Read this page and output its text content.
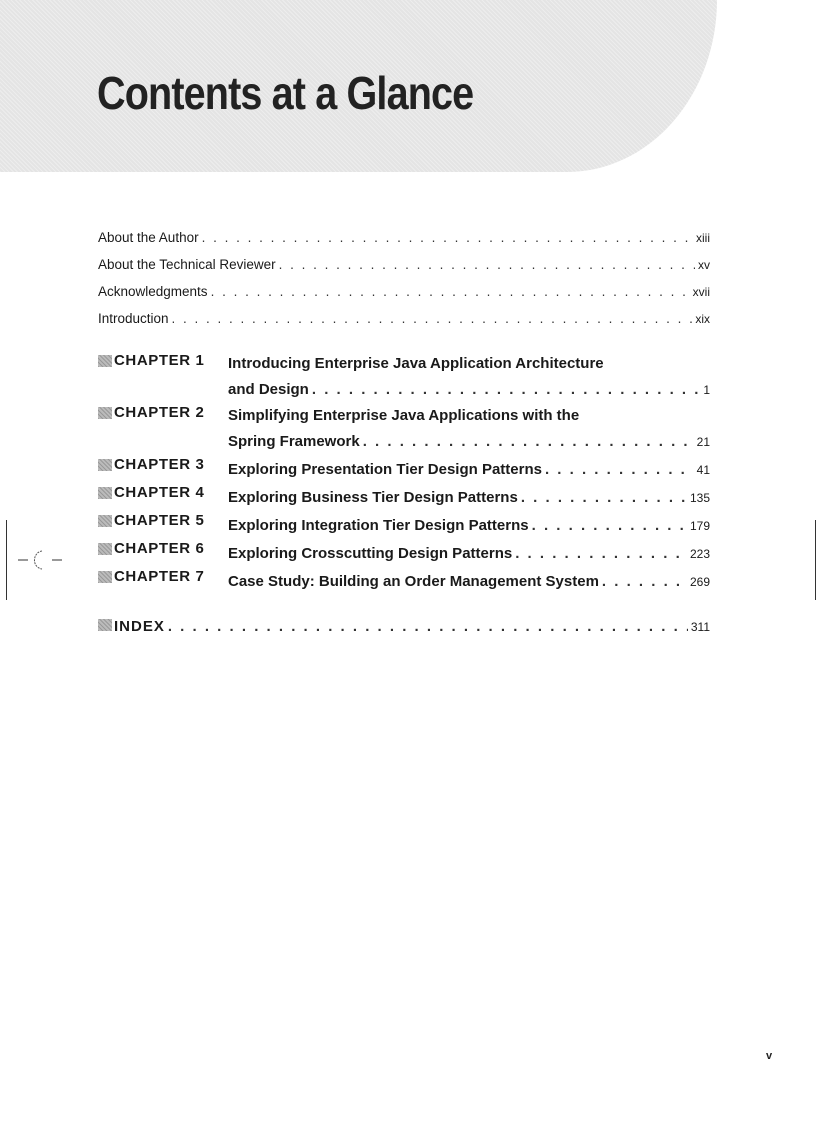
Contents at a Glance
About the Author . . .	xiii
About the Technical Reviewer . . .	xv
Acknowledgments . . .	xvii
Introduction . . .	xix
CHAPTER 1 Introducing Enterprise Java Application Architecture
and Design . . .	1
CHAPTER 2 Simplifying Enterprise Java Applications with the
Spring Framework . . .	21
CHAPTER 3 Exploring Presentation Tier Design Patterns . . .	41
CHAPTER 4 Exploring Business Tier Design Patterns . . .	135
CHAPTER 5 Exploring Integration Tier Design Patterns . . .	179
CHAPTER 6 Exploring Crosscutting Design Patterns . . .	223
CHAPTER 7 Case Study: Building an Order Management System . . .	269
INDEX . . .	311
v
